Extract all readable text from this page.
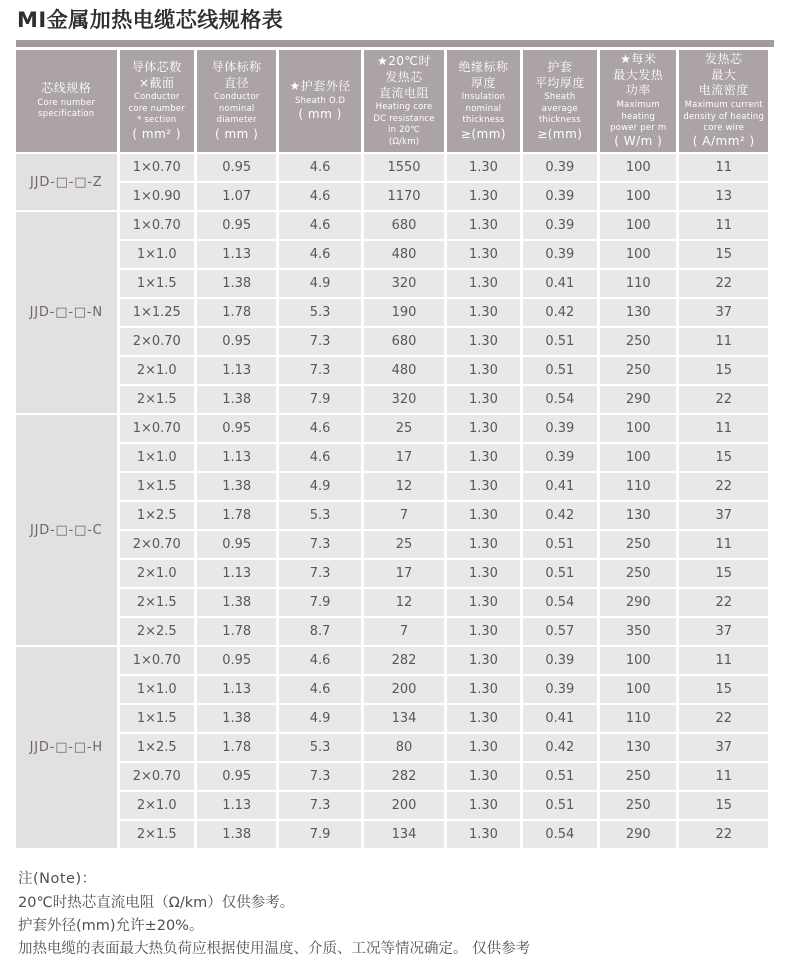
MI金属加热电缆芯线规格表
芯线规格
Core number
specification

导体芯数
×截面
Conductor
core number
* section
( mm² )

导体标称
直径
Conductor
nominal
diameter
( mm )

★护套外径
Sheath O.D
( mm )

★20℃时
发热芯
直流电阻
Heating core
DC resistance
in 20℃
(Ω/km)

绝缘标称
厚度
Insulation
nominal
thickness
≥(mm)

护套
平均厚度
Sheath
average
thickness
≥(mm)

★每米
最大发热
功率
Maximum
heating
power per m
( W/m )

发热芯
最大
电流密度
Maximum current
density of heating
core wire
( A/mm² )

JJD-□-□-Z	1×0.70	0.95	4.6	1550	1.30	0.39	100	11
	1×0.90	1.07	4.6	1170	1.30	0.39	100	13
JJD-□-□-N	1×0.70	0.95	4.6	680	1.30	0.39	100	11
	1×1.0	1.13	4.6	480	1.30	0.39	100	15
	1×1.5	1.38	4.9	320	1.30	0.41	110	22
	1×1.25	1.78	5.3	190	1.30	0.42	130	37
	2×0.70	0.95	7.3	680	1.30	0.51	250	11
	2×1.0	1.13	7.3	480	1.30	0.51	250	15
	2×1.5	1.38	7.9	320	1.30	0.54	290	22
JJD-□-□-C	1×0.70	0.95	4.6	25	1.30	0.39	100	11
	1×1.0	1.13	4.6	17	1.30	0.39	100	15
	1×1.5	1.38	4.9	12	1.30	0.41	110	22
	1×2.5	1.78	5.3	7	1.30	0.42	130	37
	2×0.70	0.95	7.3	25	1.30	0.51	250	11
	2×1.0	1.13	7.3	17	1.30	0.51	250	15
	2×1.5	1.38	7.9	12	1.30	0.54	290	22
	2×2.5	1.78	8.7	7	1.30	0.57	350	37
JJD-□-□-H	1×0.70	0.95	4.6	282	1.30	0.39	100	11
	1×1.0	1.13	4.6	200	1.30	0.39	100	15
	1×1.5	1.38	4.9	134	1.30	0.41	110	22
	1×2.5	1.78	5.3	80	1.30	0.42	130	37
	2×0.70	0.95	7.3	282	1.30	0.51	250	11
	2×1.0	1.13	7.3	200	1.30	0.51	250	15
	2×1.5	1.38	7.9	134	1.30	0.54	290	22
注(Note)：
20℃时热芯直流电阻（Ω/km）仅供参考。
护套外径(mm)允许±20%。
加热电缆的表面最大热负荷应根据使用温度、介质、工况等情况确定。 仅供参考
